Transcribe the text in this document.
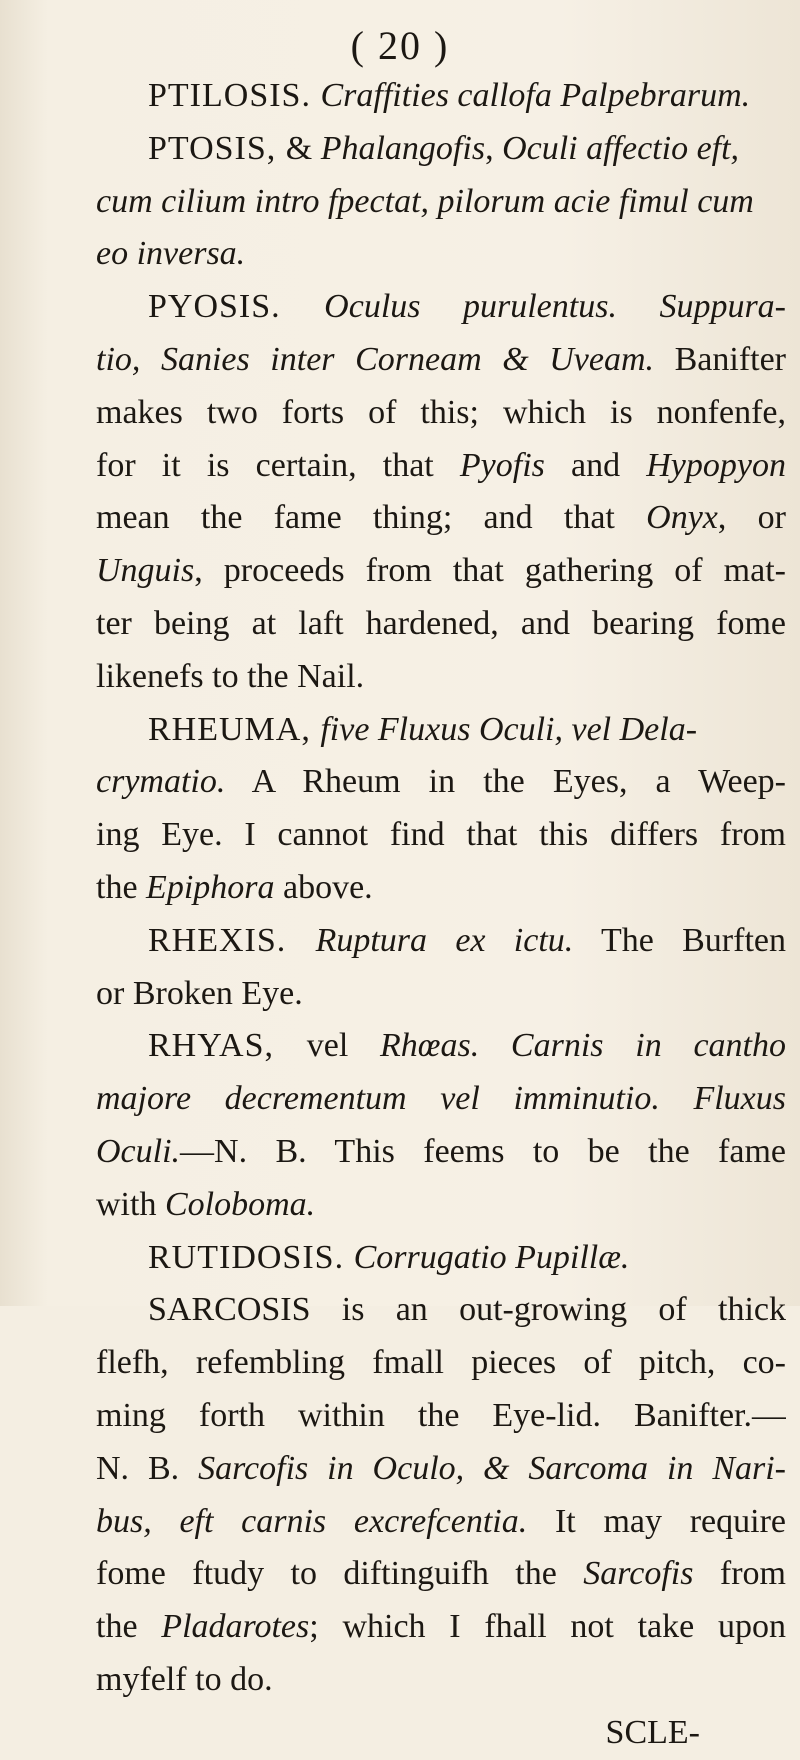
( 20 )
PTILOSIS. Craffities callofa Palpebrarum.
PTOSIS, & Phalangofis, Oculi affectio eft,
cum cilium intro fpectat, pilorum acie fimul cum
eo inversa.
PYOSIS. Oculus purulentus. Suppura-
tio, Sanies inter Corneam & Uveam. Banifter
makes two forts of this; which is nonfenfe,
for it is certain, that Pyofis and Hypopyon
mean the fame thing; and that Onyx, or
Unguis, proceeds from that gathering of mat-
ter being at laft hardened, and bearing fome
likenefs to the Nail.
RHEUMA, five Fluxus Oculi, vel Dela-
crymatio. A Rheum in the Eyes, a Weep-
ing Eye. I cannot find that this differs from
the Epiphora above.
RHEXIS. Ruptura ex ictu. The Burften
or Broken Eye.
RHYAS, vel Rhœas. Carnis in cantho
majore decrementum vel imminutio. Fluxus
Oculi.—N. B. This feems to be the fame
with Coloboma.
RUTIDOSIS. Corrugatio Pupillæ.
SARCOSIS is an out-growing of thick
flefh, refembling fmall pieces of pitch, co-
ming forth within the Eye-lid. Banifter.—
N. B. Sarcofis in Oculo, & Sarcoma in Nari-
bus, eft carnis excrefcentia. It may require
fome ftudy to diftinguifh the Sarcofis from
the Pladarotes; which I fhall not take upon
myfelf to do.
SCLE-
